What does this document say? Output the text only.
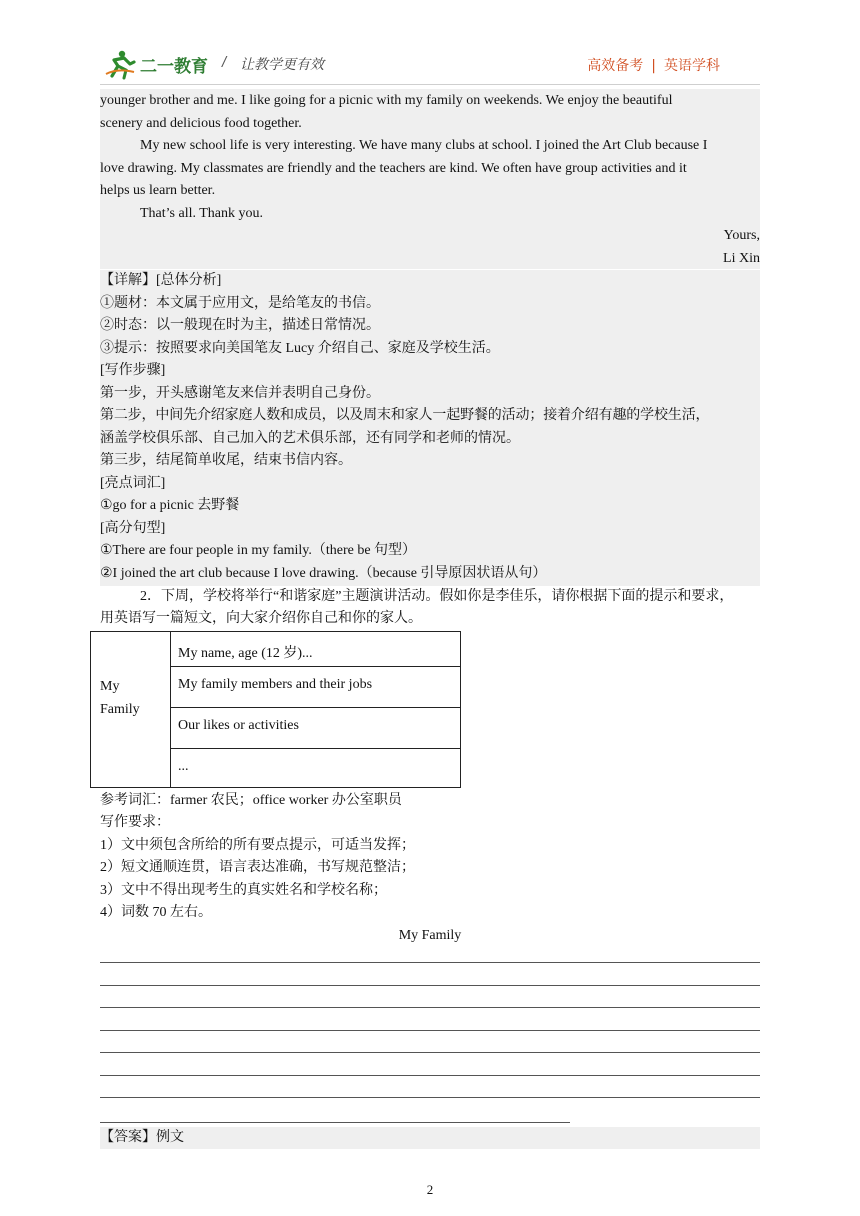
二一教育 / 让教学更有效	高效备考 | 英语学科
younger brother and me. I like going for a picnic with my family on weekends. We enjoy the beautiful
scenery and delicious food together.
My new school life is very interesting. We have many clubs at school. I joined the Art Club because I
love drawing. My classmates are friendly and the teachers are kind. We often have group activities and it
helps us learn better.
That’s all. Thank you.
Yours,
Li Xin
【详解】[总体分析]
①题材：本文属于应用文，是给笔友的书信。
②时态：以一般现在时为主，描述日常情况。
③提示：按照要求向美国笔友 Lucy 介绍自己、家庭及学校生活。
[写作步骤]
第一步，开头感谢笔友来信并表明自己身份。
第二步，中间先介绍家庭人数和成员，以及周末和家人一起野餐的活动；接着介绍有趣的学校生活，
涵盖学校俱乐部、自己加入的艺术俱乐部，还有同学和老师的情况。
第三步，结尾简单收尾，结束书信内容。
[亮点词汇]
①go for a picnic 去野餐
[高分句型]
①There are four people in my family.（there be 句型）
②I joined the art club because I love drawing.（because 引导原因状语从句）
2．下周，学校将举行“和谐家庭”主题演讲活动。假如你是李佳乐，请你根据下面的提示和要求，
用英语写一篇短文，向大家介绍你自己和你的家人。
My
Family
My name, age (12 岁)...
My family members and their jobs
Our likes or activities
...
参考词汇：farmer 农民；office worker 办公室职员
写作要求：
1）文中须包含所给的所有要点提示，可适当发挥；
2）短文通顺连贯，语言表达准确，书写规范整洁；
3）文中不得出现考生的真实姓名和学校名称；
4）词数 70 左右。
My Family
【答案】例文
2
